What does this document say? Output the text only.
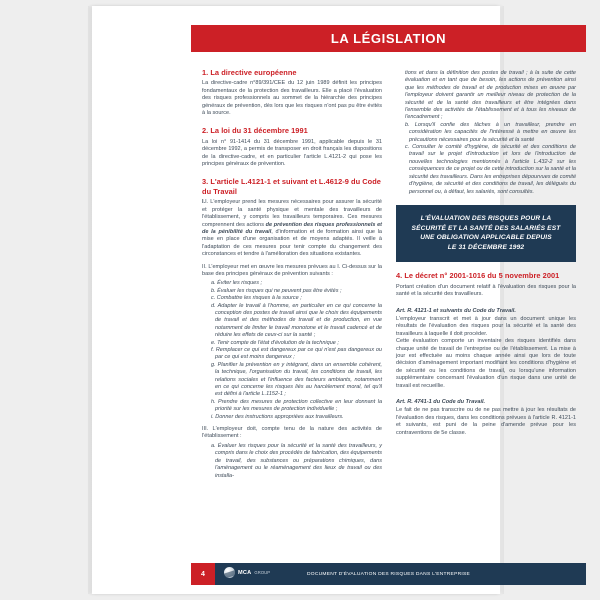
LA LÉGISLATION
1. La directive européenne

La directive-cadre n°89/391/CEE du 12 juin 1989 définit les principes fondamentaux de la protection des travailleurs. Elle a placé l'évaluation des risques professionnels au sommet de la hiérarchie des principes généraux de prévention, dès lors que les risques n'ont pas pu être évités à la source.

2. La loi du 31 décembre 1991

La loi n° 91-1414 du 31 décembre 1991, applicable depuis le 31 décembre 1992, a permis de transposer en droit français les dispositions de la directive-cadre, et en particulier l'article L.4121-2 qui pose les principes généraux de prévention.

3. L'article L.4121-1 et suivant et L.4612-9 du Code du Travail

I.I. L'employeur prend les mesures nécessaires pour assurer la sécurité et protéger la santé physique et mentale des travailleurs de l'établissement, y compris les travailleurs temporaires. Ces mesures comprennent des actions de prévention des risques professionnels et de la pénibilité du travail, d'information et de formation ainsi que la mise en place d'une organisation et de moyens adaptés. Il veille à l'adaptation de ces mesures pour tenir compte du changement des circonstances et tendre à l'amélioration des situations existantes.

II. L'employeur met en œuvre les mesures prévues au I. Ci-dessus sur la base des principes généraux de prévention suivants :

a. Éviter les risques ;
b. Évaluer les risques qui ne peuvent pas être évités ;
c. Combattre les risques à la source ;
d. Adapter le travail à l'homme, en particulier en ce qui concerne la conception des postes de travail ainsi que le choix des équipements de travail et des méthodes de travail et de production, en vue notamment de limiter le travail monotone et le travail cadencé et de réduire les effets de ceux-ci sur la santé ;
e. Tenir compte de l'état d'évolution de la technique ;
f. Remplacer ce qui est dangereux par ce qui n'est pas dangereux ou par ce qui est moins dangereux ;
g. Planifier la prévention en y intégrant, dans un ensemble cohérent, la technique, l'organisation du travail, les conditions de travail, les relations sociales et l'influence des facteurs ambiants, notamment en ce qui concerne les risques liés au harcèlement moral, tel qu'il est défini à l'article L.1152-1 ;
h. Prendre des mesures de protection collective en leur donnant la priorité sur les mesures de protection individuelle ;
i. Donner des instructions appropriées aux travailleurs.

III. L'employeur doit, compte tenu de la nature des activités de l'établissement :

a. Évaluer les risques pour la sécurité et la santé des travailleurs, y compris dans le choix des procédés de fabrication, des équipements de travail, des substances ou préparations chimiques, dans l'aménagement ou le réaménagement des lieux de travail ou des installa-
tions et dans la définition des postes de travail ; à la suite de cette évaluation et en tant que de besoin, les actions de prévention ainsi que les méthodes de travail et de production mises en œuvre par l'employeur doivent garantir un meilleur niveau de protection de la sécurité et de la santé des travailleurs et être intégrées dans l'ensemble des activités de l'établissement et à tous les niveaux de l'encadrement ;
b. Lorsqu'il confie des tâches à un travailleur, prendre en considération les capacités de l'intéressé à mettre en œuvre les précautions nécessaires pour la sécurité et la santé
c. Consulter le comité d'hygiène, de sécurité et des conditions de travail sur le projet d'introduction et lors de l'introduction de nouvelles technologies mentionnés à l'article L.432-2 sur les conséquences de ce projet ou de cette introduction sur la santé et la sécurité des travailleurs. Dans les entreprises dépourvues de comité d'hygiène, de sécurité et des conditions de travail, les délégués du personnel ou, à défaut, les salariés, sont consultés.
L'ÉVALUATION DES RISQUES POUR LA
SÉCURITÉ ET LA SANTÉ DES SALARIÉS EST
UNE OBLIGATION APPLICABLE DEPUIS
LE 31 DÉCEMBRE 1992
4. Le décret n° 2001-1016 du 5 novembre 2001

Portant création d'un document relatif à l'évaluation des risques pour la santé et la sécurité des travailleurs.

Art. R. 4121-1 et suivants du Code du Travail.

L'employeur transcrit et met à jour dans un document unique les résultats de l'évaluation des risques pour la sécurité et la santé des travailleurs à laquelle il doit procéder.

Cette évaluation comporte un inventaire des risques identifiés dans chaque unité de travail de l'entreprise ou de l'établissement. La mise à jour est effectuée au moins chaque année ainsi que lors de toute décision d'aménagement important modifiant les conditions d'hygiène et de sécurité ou les conditions de travail, ou lorsqu'une information supplémentaire concernant l'évaluation d'un risque dans une unité de travail est recueillie.

Art. R. 4741-1 du Code du Travail.

Le fait de ne pas transcrire ou de ne pas mettre à jour les résultats de l'évaluation des risques, dans les conditions prévues à l'article R. 4121-1 et suivants, est puni de la peine d'amende prévue pour les contraventions de 5e classe.

4	MCA GROUP	DOCUMENT D'ÉVALUATION DES RISQUES DANS L'ENTREPRISE
